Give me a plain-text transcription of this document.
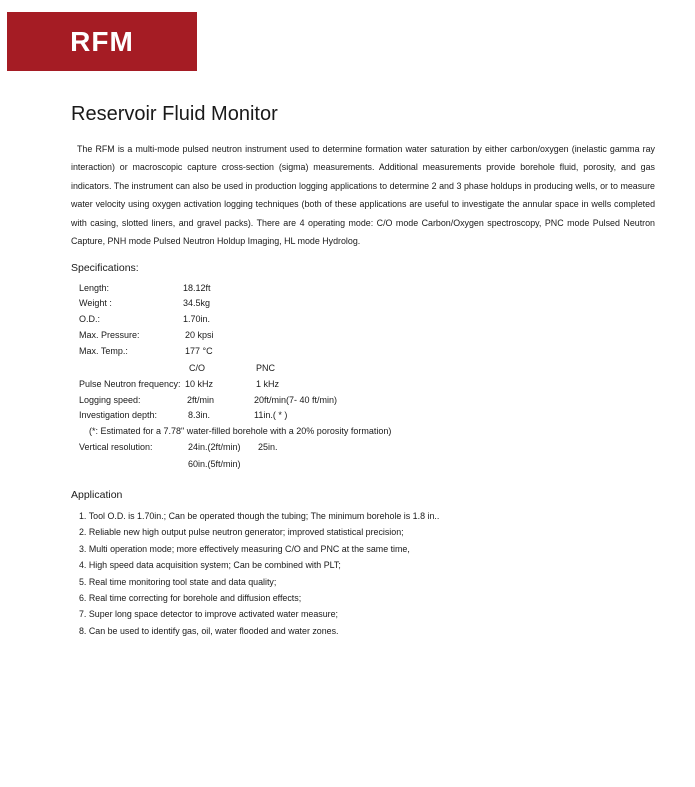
RFM
Reservoir Fluid Monitor

The RFM is a multi-mode pulsed neutron instrument used to determine formation water saturation by either carbon/oxygen (inelastic gamma ray interaction) or macroscopic capture cross-section (sigma) measurements. Additional measurements provide borehole fluid, porosity, and gas indicators. The instrument can also be used in production logging applications to determine 2 and 3 phase holdups in producing wells, or to measure water velocity using oxygen activation logging techniques (both of these applications are useful to investigate the annular space in wells completed with casing, slotted liners, and gravel packs). There are 4 operating mode: C/O mode Carbon/Oxygen spectroscopy, PNC mode Pulsed Neutron Capture, PNH mode Pulsed Neutron Holdup Imaging, HL mode Hydrolog.

Specifications:
Length:	18.12ft
Weight :	34.5kg
O.D.:	1.70in.
Max. Pressure:	20 kpsi
Max. Temp.:	177 °C
C/O	PNC
Pulse Neutron frequency: 10 kHz	1 kHz
Logging speed:	2ft/min	20ft/min(7- 40 ft/min)
Investigation depth:	8.3in.	11in.( * )
(*: Estimated for a 7.78" water-filled borehole with a 20% porosity formation)
Vertical resolution:	24in.(2ft/min) 25in.
60in.(5ft/min)
Application
1. Tool O.D. is 1.70in.; Can be operated though the tubing; The minimum borehole is 1.8 in..
2. Reliable new high output pulse neutron generator; improved statistical precision;
3. Multi operation mode; more effectively measuring C/O and PNC at the same time,
4. High speed data acquisition system; Can be combined with PLT;
5. Real time monitoring tool state and data quality;
6. Real time correcting for borehole and diffusion effects;
7. Super long space detector to improve activated water measure;
8. Can be used to identify gas, oil, water flooded and water zones.
